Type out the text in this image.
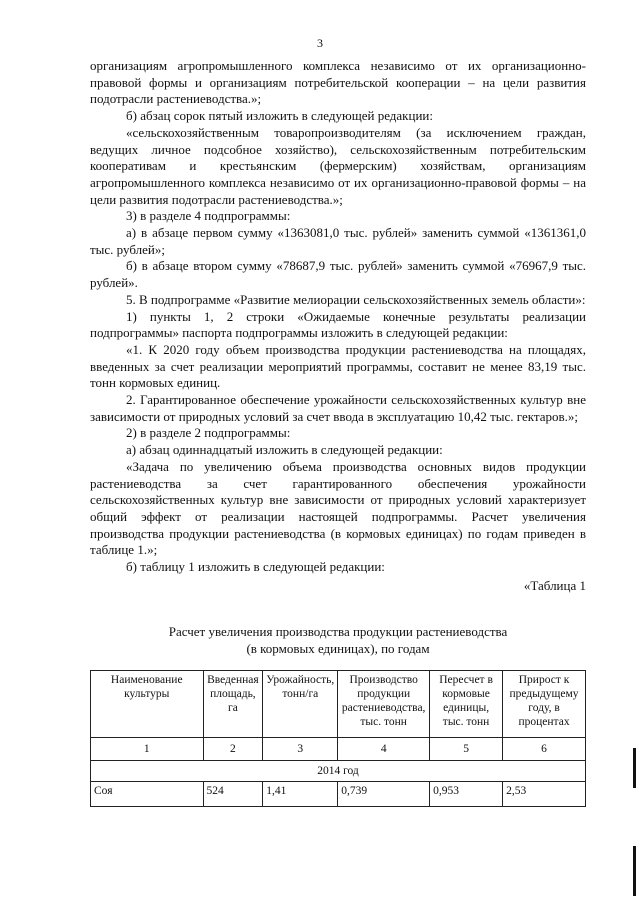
3

организациям агропромышленного комплекса независимо от их организационно-правовой формы и организациям потребительской кооперации – на цели развития подотрасли растениеводства.»;

б) абзац сорок пятый изложить в следующей редакции:

«сельскохозяйственным товаропроизводителям (за исключением граждан, ведущих личное подсобное хозяйство), сельскохозяйственным потребительским кооперативам и крестьянским (фермерским) хозяйствам, организациям агропромышленного комплекса независимо от их организационно-правовой формы – на цели развития подотрасли растениеводства.»;

3) в разделе 4 подпрограммы:

а) в абзаце первом сумму «1363081,0 тыс. рублей» заменить суммой «1361361,0 тыс. рублей»;

б) в абзаце втором сумму «78687,9 тыс. рублей» заменить суммой «76967,9 тыс. рублей».

5. В подпрограмме «Развитие мелиорации сельскохозяйственных земель области»:

1) пункты 1, 2 строки «Ожидаемые конечные результаты реализации подпрограммы» паспорта подпрограммы изложить в следующей редакции:

«1. К 2020 году объем производства продукции растениеводства на площадях, введенных за счет реализации мероприятий программы, составит не менее 83,19 тыс. тонн кормовых единиц.

2. Гарантированное обеспечение урожайности сельскохозяйственных культур вне зависимости от природных условий за счет ввода в эксплуатацию 10,42 тыс. гектаров.»;

2) в разделе 2 подпрограммы:

а) абзац одиннадцатый изложить в следующей редакции:

«Задача по увеличению объема производства основных видов продукции растениеводства за счет гарантированного обеспечения урожайности сельскохозяйственных культур вне зависимости от природных условий характеризует общий эффект от реализации настоящей подпрограммы. Расчет увеличения производства продукции растениеводства (в кормовых единицах) по годам приведен в таблице 1.»;

б) таблицу 1 изложить в следующей редакции:

«Таблица 1

Расчет увеличения производства продукции растениеводства
(в кормовых единицах), по годам
Наименование культуры	Введенная площадь, га	Урожайность, тонн/га	Производство продукции растениеводства, тыс. тонн	Пересчет в кормовые единицы, тыс. тонн	Прирост к предыдущему году, в процентах
1	2	3	4	5	6
2014 год					
Соя	524	1,41	0,739	0,953	2,53
